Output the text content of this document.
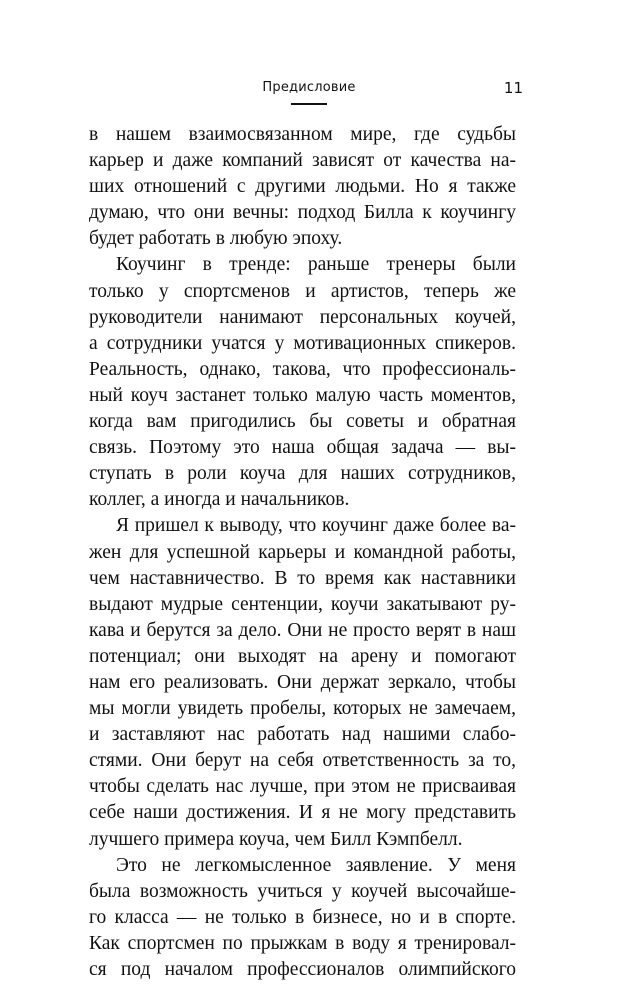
Предисловие	11
в нашем взаимосвязанном мире, где судьбы
карьер и даже компаний зависят от качества на-
ших отношений с другими людьми. Но я также
думаю, что они вечны: подход Билла к коучингу
будет работать в любую эпоху.
Коучинг в тренде: раньше тренеры были
только у спортсменов и артистов, теперь же
руководители нанимают персональных коучей,
а сотрудники учатся у мотивационных спикеров.
Реальность, однако, такова, что профессиональ-
ный коуч застанет только малую часть моментов,
когда вам пригодились бы советы и обратная
связь. Поэтому это наша общая задача — вы-
ступать в роли коуча для наших сотрудников,
коллег, а иногда и начальников.
Я пришел к выводу, что коучинг даже более ва-
жен для успешной карьеры и командной работы,
чем наставничество. В то время как наставники
выдают мудрые сентенции, коучи закатывают ру-
кава и берутся за дело. Они не просто верят в наш
потенциал; они выходят на арену и помогают
нам его реализовать. Они держат зеркало, чтобы
мы могли увидеть пробелы, которых не замечаем,
и заставляют нас работать над нашими слабо-
стями. Они берут на себя ответственность за то,
чтобы сделать нас лучше, при этом не присваивая
себе наши достижения. И я не могу представить
лучшего примера коуча, чем Билл Кэмпбелл.
Это не легкомысленное заявление. У меня
была возможность учиться у коучей высочайше-
го класса — не только в бизнесе, но и в спорте.
Как спортсмен по прыжкам в воду я тренировал-
ся под началом профессионалов олимпийского
